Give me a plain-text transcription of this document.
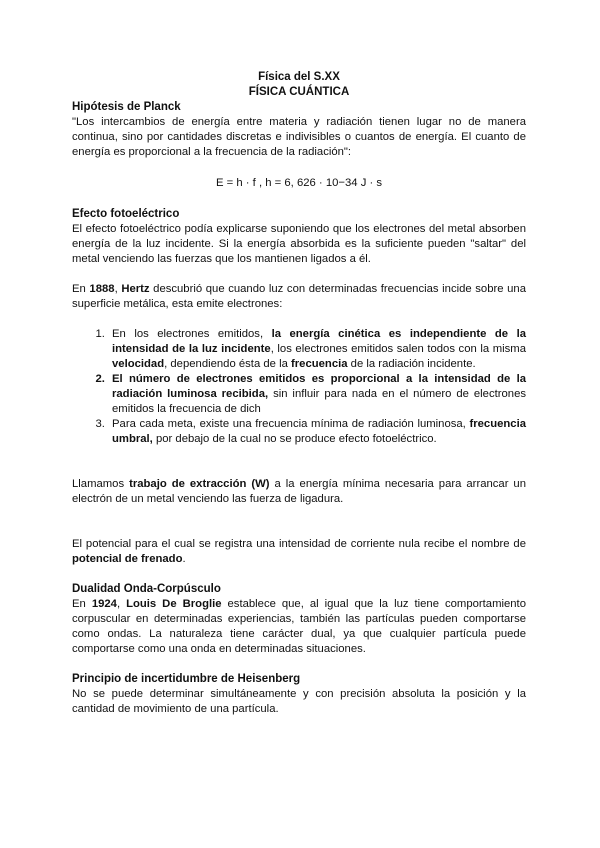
Física del S.XX
FÍSICA CUÁNTICA
Hipótesis de Planck

"Los intercambios de energía entre materia y radiación tienen lugar no de manera continua, sino por cantidades discretas e indivisibles o cuantos de energía. El cuanto de energía es proporcional a la frecuencia de la radiación":

E = h · f , h = 6, 626 · 10−34 J · s

Efecto fotoeléctrico

El efecto fotoeléctrico podía explicarse suponiendo que los electrones del metal absorben energía de la luz incidente. Si la energía absorbida es la suficiente pueden "saltar" del metal venciendo las fuerzas que los mantienen ligados a él.

En 1888, Hertz descubrió que cuando luz con determinadas frecuencias incide sobre una superficie metálica, esta emite electrones:

1. En los electrones emitidos, la energía cinética es independiente de la intensidad de la luz incidente, los electrones emitidos salen todos con la misma velocidad, dependiendo ésta de la frecuencia de la radiación incidente.
2. El número de electrones emitidos es proporcional a la intensidad de la radiación luminosa recibida, sin influir para nada en el número de electrones emitidos la frecuencia de dich
3. Para cada meta, existe una frecuencia mínima de radiación luminosa, frecuencia umbral, por debajo de la cual no se produce efecto fotoeléctrico.

Llamamos trabajo de extracción (W) a la energía mínima necesaria para arrancar un electrón de un metal venciendo las fuerza de ligadura.

El potencial para el cual se registra una intensidad de corriente nula recibe el nombre de potencial de frenado.

Dualidad Onda-Corpúsculo

En 1924, Louis De Broglie establece que, al igual que la luz tiene comportamiento corpuscular en determinadas experiencias, también las partículas pueden comportarse como ondas. La naturaleza tiene carácter dual, ya que cualquier partícula puede comportarse como una onda en determinadas situaciones.

Principio de incertidumbre de Heisenberg

No se puede determinar simultáneamente y con precisión absoluta la posición y la cantidad de movimiento de una partícula.
